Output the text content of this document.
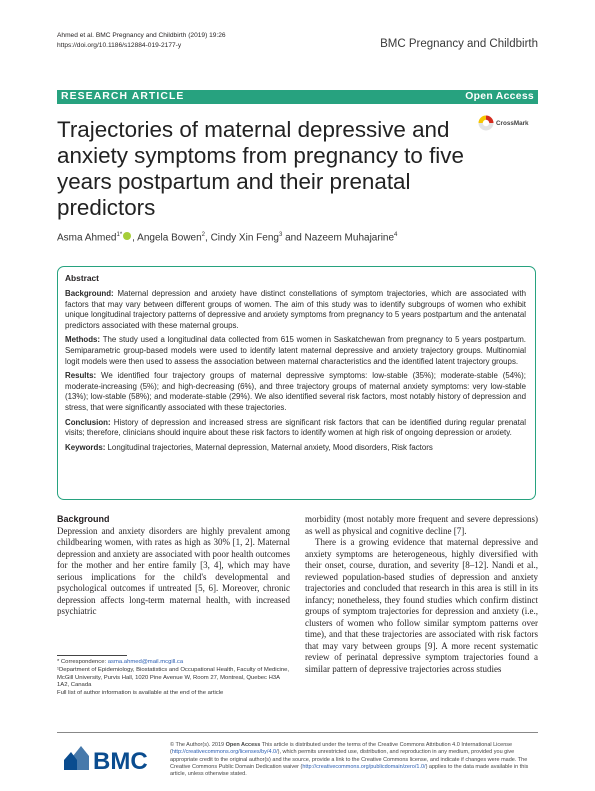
Ahmed et al. BMC Pregnancy and Childbirth (2019) 19:26
https://doi.org/10.1186/s12884-019-2177-y	BMC Pregnancy and Childbirth
RESEARCH ARTICLE	Open Access
Trajectories of maternal depressive and anxiety symptoms from pregnancy to five years postpartum and their prenatal predictors
CrossMark
Asma Ahmed$^{1*}$ , Angela Bowen$^2$, Cindy Xin Feng$^3$ and Nazeem Muhajarine$^4$
Abstract

Background: Maternal depression and anxiety have distinct constellations of symptom trajectories, which are associated with factors that may vary between different groups of women. The aim of this study was to identify subgroups of women who exhibit unique longitudinal trajectory patterns of depressive and anxiety symptoms from pregnancy to 5 years postpartum and the antenatal predictors associated with these maternal groups.

Methods: The study used a longitudinal data collected from 615 women in Saskatchewan from pregnancy to 5 years postpartum. Semiparametric group-based models were used to identify latent maternal depressive and anxiety trajectory groups. Multinomial logit models were then used to assess the association between maternal characteristics and the identified latent trajectory groups.

Results: We identified four trajectory groups of maternal depressive symptoms: low-stable (35%); moderate-stable (54%); moderate-increasing (5%); and high-decreasing (6%), and three trajectory groups of maternal anxiety symptoms: very low-stable (13%); low-stable (58%); and moderate-stable (29%). We also identified several risk factors, most notably history of depression and stress, that were significantly associated with these trajectories.

Conclusion: History of depression and increased stress are significant risk factors that can be identified during regular prenatal visits; therefore, clinicians should inquire about these risk factors to identify women at high risk of ongoing depression or anxiety.

Keywords: Longitudinal trajectories, Maternal depression, Maternal anxiety, Mood disorders, Risk factors

Background

Depression and anxiety disorders are highly prevalent among childbearing women, with rates as high as 30% [1, 2]. Maternal depression and anxiety are associated with poor health outcomes for the mother and her entire family [3, 4], which may have serious implications for the child's developmental and psychological outcomes if untreated [5, 6]. Moreover, chronic depression affects long-term maternal health, with increased psychiatric

morbidity (most notably more frequent and severe depressions) as well as physical and cognitive decline [7].

There is a growing evidence that maternal depressive and anxiety symptoms are heterogeneous, highly diversified with their onset, course, duration, and severity [8–12]. Nandi et al., reviewed population-based studies of depression and anxiety trajectories and concluded that research in this area is still in its infancy; nonetheless, they found studies which confirm distinct groups of symptom trajectories for depression and anxiety (i.e., clusters of women who follow similar symptom patterns over time), and that these trajectories are associated with risk factors that may vary between groups [9]. A more recent systematic review of perinatal depressive symptom trajectories found a similar pattern of depressive trajectories across studies

* Correspondence: asma.ahmed@mail.mcgill.ca

¹Department of Epidemiology, Biostatistics and Occupational Health, Faculty of Medicine, McGill University, Purvis Hall, 1020 Pine Avenue W, Room 27, Montreal, Quebec H3A 1A2, Canada

Full list of author information is available at the end of the article

BMC
© The Author(s). 2019 Open Access This article is distributed under the terms of the Creative Commons Attribution 4.0 International License (http://creativecommons.org/licenses/by/4.0/), which permits unrestricted use, distribution, and reproduction in any medium, provided you give appropriate credit to the original author(s) and the source, provide a link to the Creative Commons license, and indicate if changes were made. The Creative Commons Public Domain Dedication waiver (http://creativecommons.org/publicdomain/zero/1.0/) applies to the data made available in this article, unless otherwise stated.
